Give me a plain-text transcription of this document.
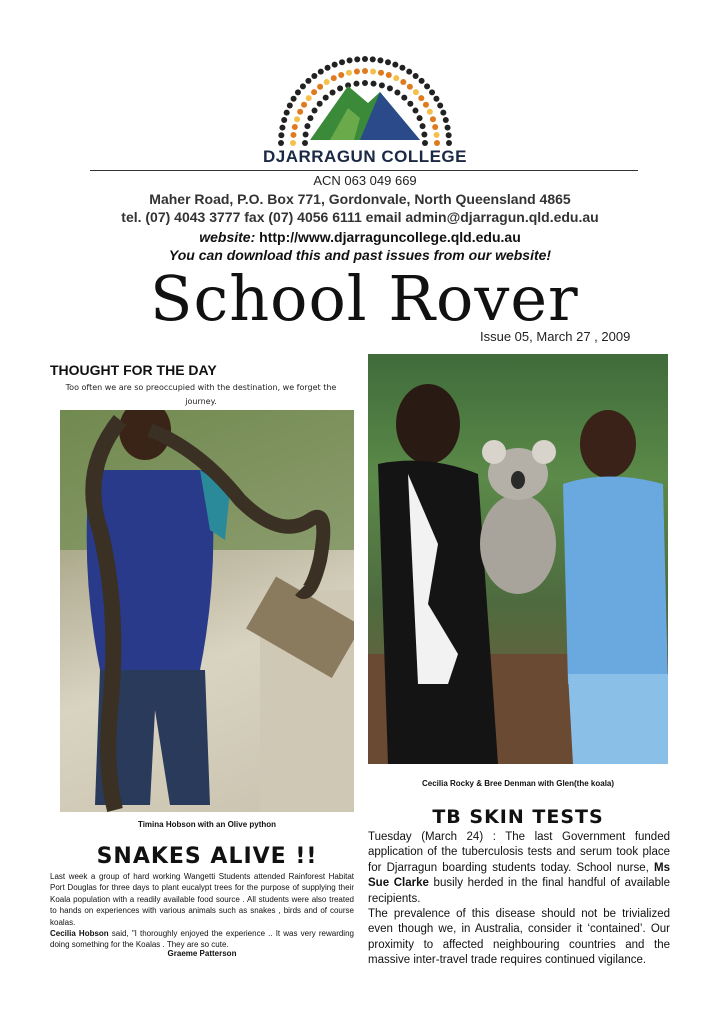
DJARRAGUN COLLEGE
ACN 063 049 669
Maher Road, P.O. Box 771, Gordonvale, North Queensland 4865
tel. (07) 4043 3777 fax (07) 4056 6111 email admin@djarragun.qld.edu.au
website: http://www.djarraguncollege.qld.edu.au
You can download this and past issues from our website!
School Rover
Issue 05, March 27 , 2009
THOUGHT FOR THE DAY
Too often we are so preoccupied with the destination, we forget the journey.
Cecilia Rocky & Bree Denman with Glen(the koala)
Timina Hobson with an Olive python	TB SKIN TESTS

Tuesday (March 24) : The last Government funded application of the tuberculosis tests and serum took place for Djarragun boarding students today. School nurse, Ms Sue Clarke busily herded in the final handful of available recipients.

The prevalence of this disease should not be trivialized even though we, in Australia, consider it ‘contained’. Our proximity to affected neighbouring countries and the massive inter-travel trade requires continued vigilance.

SNAKES ALIVE !!
Last week a group of hard working Wangetti Students attended Rainforest Habitat Port Douglas for three days to plant eucalypt trees for the purpose of supplying their Koala population with a readily available food source . All students were also treated to hands on experiences with various animals such as snakes , birds and of course koalas.
Cecilia Hobson said, "I thoroughly enjoyed the experience .. It was very rewarding doing something for the Koalas . They are so cute.
Graeme Patterson
